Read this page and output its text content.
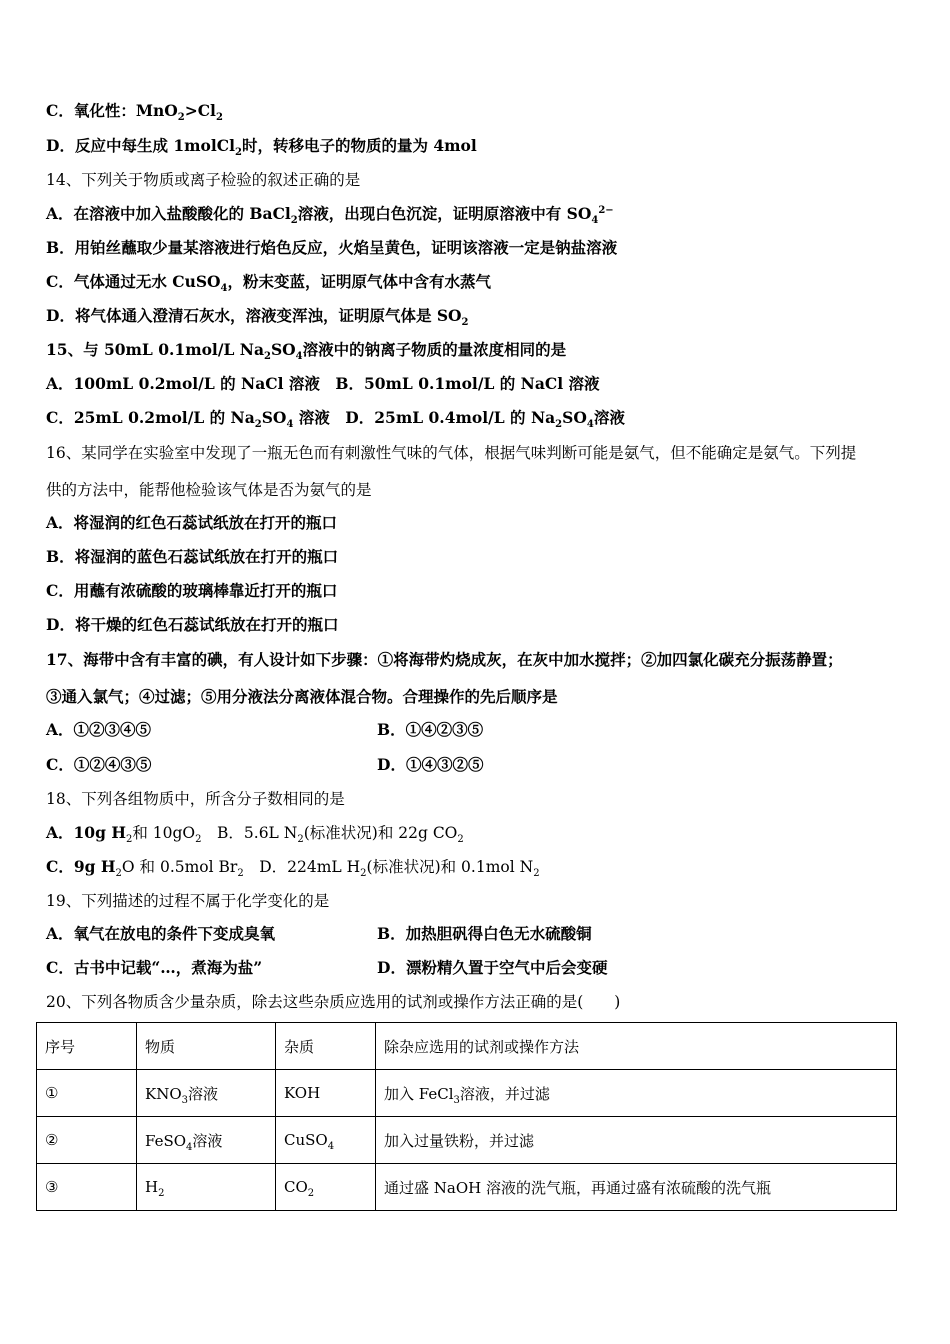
C．氧化性：$MnO_2>Cl_2$
D．反应中每生成 1molCl$_2$时，转移电子的物质的量为 4mol
14、下列关于物质或离子检验的叙述正确的是
A．在溶液中加入盐酸酸化的 BaCl$_2$溶液，出现白色沉淀，证明原溶液中有 $SO_4^{2-}$
B．用铂丝蘸取少量某溶液进行焰色反应，火焰呈黄色，证明该溶液一定是钠盐溶液
C．气体通过无水 CuSO$_4$，粉末变蓝，证明原气体中含有水蒸气
D．将气体通入澄清石灰水，溶液变浑浊，证明原气体是 $SO_2$
15、与 50mL 0.1mol/L $Na_2SO_4$溶液中的钠离子物质的量浓度相同的是
A．100mL 0.2mol/L 的 NaCl 溶液　B．50mL 0.1mol/L 的 NaCl 溶液
C．25mL 0.2mol/L 的 $Na_2SO_4$ 溶液　D．25mL 0.4mol/L 的 $Na_2SO_4$溶液
16、某同学在实验室中发现了一瓶无色而有刺激性气味的气体，根据气味判断可能是氨气，但不能确定是氨气。下列提
供的方法中，能帮他检验该气体是否为氨气的是
A．将湿润的红色石蕊试纸放在打开的瓶口
B．将湿润的蓝色石蕊试纸放在打开的瓶口
C．用蘸有浓硫酸的玻璃棒靠近打开的瓶口
D．将干燥的红色石蕊试纸放在打开的瓶口
17、海带中含有丰富的碘，有人设计如下步骤：①将海带灼烧成灰，在灰中加水搅拌；②加四氯化碳充分振荡静置；
③通入氯气；④过滤；⑤用分液法分离液体混合物。合理操作的先后顺序是
A．①②③④⑤	B．①④②③⑤
C．①②④③⑤	D．①④③②⑤
18、下列各组物质中，所含分子数相同的是
A．10g $H_2$和 $10gO_2$　B．5.6L $N_2$(标准状况)和 22g $CO_2$
C．9g $H_2O$ 和 0.5mol $Br_2$　D．224mL $H_2$(标准状况)和 0.1mol $N_2$
19、下列描述的过程不属于化学变化的是
A．氧气在放电的条件下变成臭氧	B．加热胆矾得白色无水硫酸铜
C．古书中记载“…，煮海为盐”	D．漂粉精久置于空气中后会变硬
20、下列各物质含少量杂质，除去这些杂质应选用的试剂或操作方法正确的是(　　)
序号	物质	杂质	除杂应选用的试剂或操作方法
①	$KNO_3$溶液	KOH	加入 FeCl$_3$溶液，并过滤
②	FeSO$_4$溶液	CuSO$_4$	加入过量铁粉，并过滤
③	$H_2$	$CO_2$	通过盛 NaOH 溶液的洗气瓶，再通过盛有浓硫酸的洗气瓶
